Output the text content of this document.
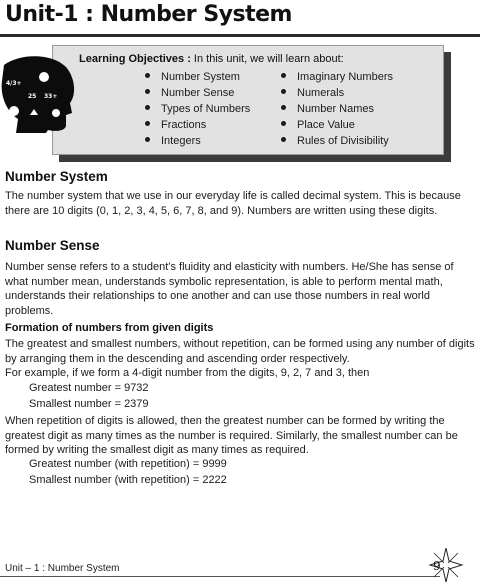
Unit-1 : Number System
Learning Objectives : In this unit, we will learn about:
Number System
Number Sense
Types of Numbers
Fractions
Integers
Imaginary Numbers
Numerals
Number Names
Place Value
Rules of Divisibility
4/3+
25 33+
Number System
The number system that we use in our everyday life is called decimal system. This is because there are 10 digits (0, 1, 2, 3, 4, 5, 6, 7, 8, and 9). Numbers are written using these digits.
Number Sense
Number sense refers to a student’s fluidity and elasticity with numbers. He/She has sense of what number mean, understands symbolic representation, is able to perform mental math, understands their relationships to one another and can use those numbers in real world problems.
Formation of numbers from given digits
The greatest and smallest numbers, without repetition, can be formed using any number of digits by arranging them in the descending and ascending order respectively.
For example, if we form a 4-digit number from the digits, 9, 2, 7 and 3, then
Greatest number = 9732
Smallest number = 2379
When repetition of digits is allowed, then the greatest number can be formed by writing the greatest digit as many times as the number is required. Similarly, the smallest number can be formed by writing the smallest digit as many times as required.
Greatest number (with repetition) = 9999
Smallest number (with repetition) = 2222
Unit – 1 : Number System	9
